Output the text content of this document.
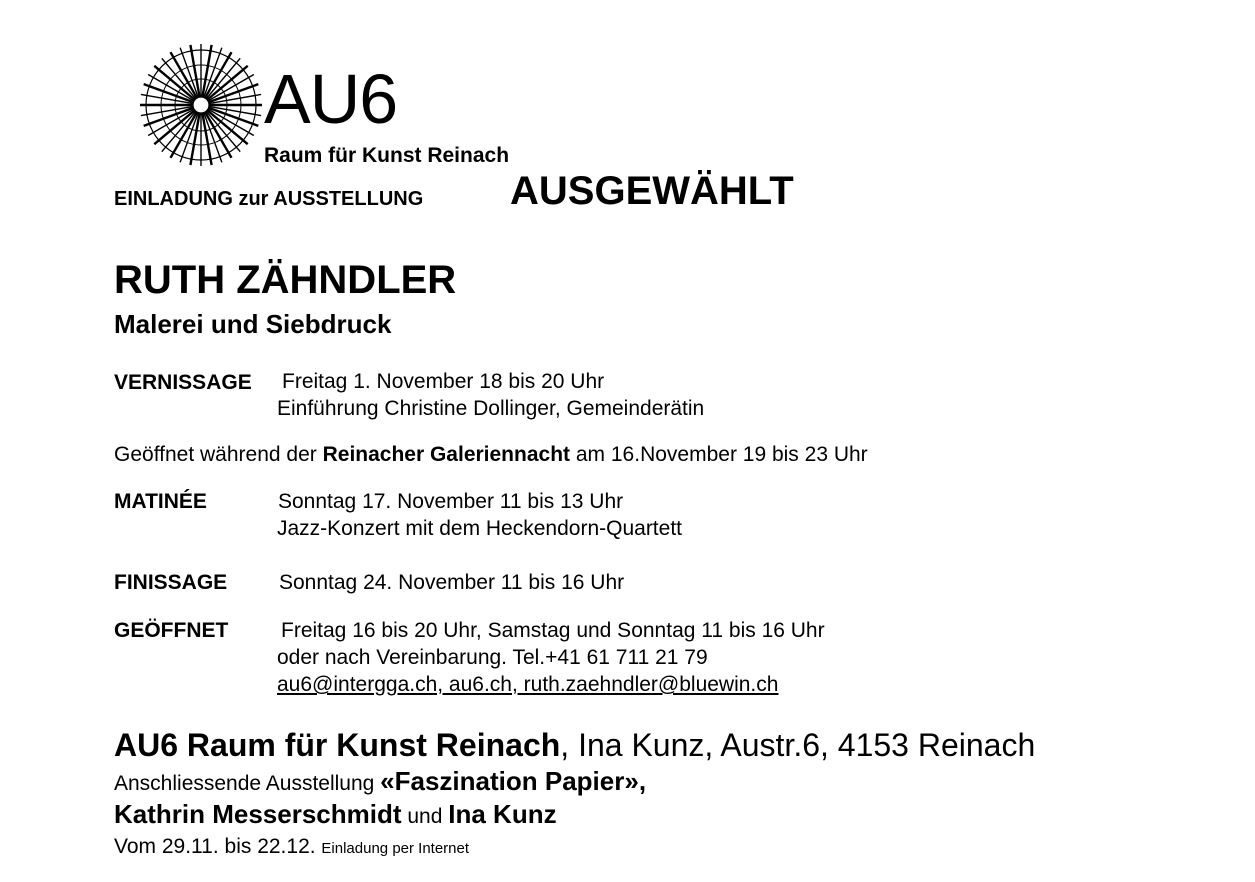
AU6
Raum für Kunst Reinach
EINLADUNG zur AUSSTELLUNG AUSGEWÄHLT
RUTH ZÄHNDLER
Malerei und Siebdruck
VERNISSAGE Freitag 1. November 18 bis 20 Uhr
Einführung Christine Dollinger, Gemeinderätin
Geöffnet während der Reinacher Galeriennacht am 16.November 19 bis 23 Uhr
MATINÉE	Sonntag 17. November 11 bis 13 Uhr
Jazz-Konzert mit dem Heckendorn-Quartett
FINISSAGE Sonntag 24. November 11 bis 16 Uhr
GEÖFFNET	Freitag 16 bis 20 Uhr, Samstag und Sonntag 11 bis 16 Uhr
oder nach Vereinbarung. Tel.+41 61 711 21 79
au6@intergga.ch, au6.ch, ruth.zaehndler@bluewin.ch
AU6 Raum für Kunst Reinach, Ina Kunz, Austr.6, 4153 Reinach
Anschliessende Ausstellung «Faszination Papier»,
Kathrin Messerschmidt und Ina Kunz
Vom 29.11. bis 22.12. Einladung per Internet
